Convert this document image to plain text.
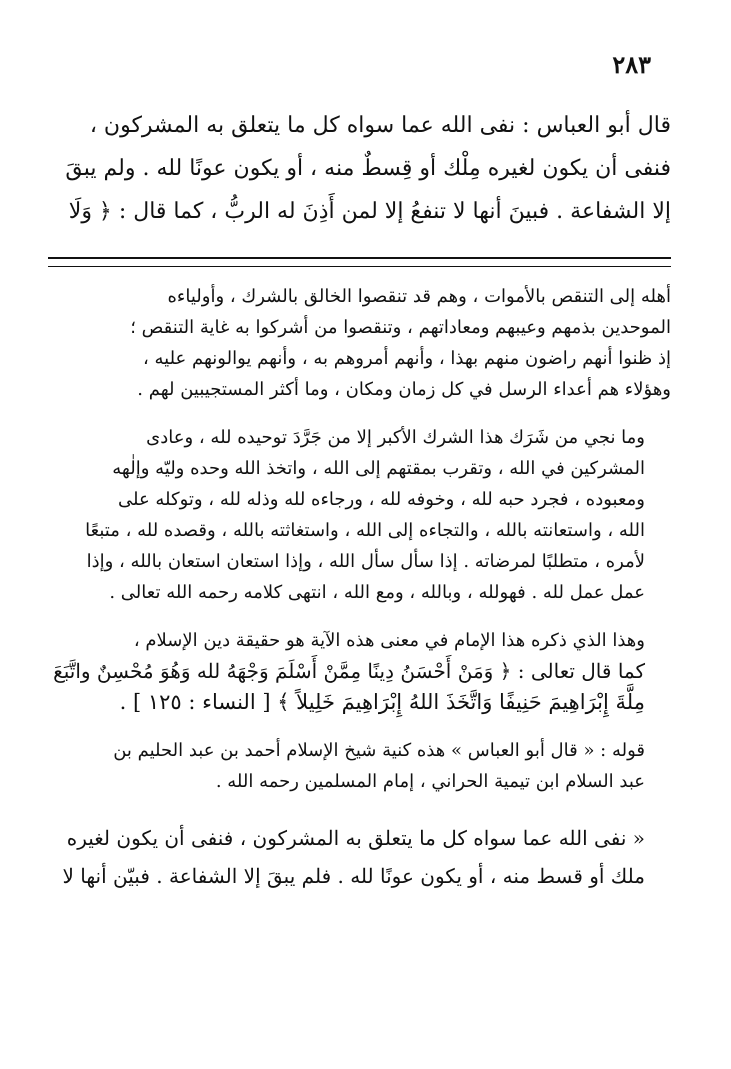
٢٨٣

قال أبو العباس : نفى الله عما سواه كل ما يتعلق به المشركون ،
فنفى أن يكون لغيره مِلْك أو قِسطٌ منه ، أو يكون عونًا لله . ولم يبقَ
إلا الشفاعة . فبينَ أنها لا تنفعُ إلا لمن أَذِنَ له الربُّ ، كما قال : ﴿ وَلَا

أهله إلى التنقص بالأموات ، وهم قد تنقصوا الخالق بالشرك ، وأولياءه
الموحدين بذمهم وعيبهم ومعاداتهم ، وتنقصوا من أشركوا به غاية التنقص ؛
إذ ظنوا أنهم راضون منهم بهذا ، وأنهم أمروهم به ، وأنهم يوالونهم عليه ،
وهؤلاء هم أعداء الرسل في كل زمان ومكان ، وما أكثر المستجيبين لهم .

وما نجي من شَرَك هذا الشرك الأكبر إلا من جَرَّدَ توحيده لله ، وعادى
المشركين في الله ، وتقرب بمقتهم إلى الله ، واتخذ الله وحده وليّه وإلٰهه
ومعبوده ، فجرد حبه لله ، وخوفه لله ، ورجاءه لله وذله لله ، وتوكله على
الله ، واستعانته بالله ، والتجاءه إلى الله ، واستغاثته بالله ، وقصده لله ، متبعًا
لأمره ، متطلبًا لمرضاته . إذا سأل سأل الله ، وإذا استعان استعان بالله ، وإذا
عمل عمل لله . فهولله ، وبالله ، ومع الله ، انتهى كلامه رحمه الله تعالى .

وهذا الذي ذكره هذا الإمام في معنى هذه الآية هو حقيقة دين الإسلام ،
كما قال تعالى : ﴿ وَمَنْ أَحْسَنُ دِينًا مِمَّنْ أَسْلَمَ وَجْهَهُ لله وَهُوَ مُحْسِنٌ واتَّبَعَ
مِلَّةَ إِبْرَاهِيمَ حَنِيفًا وَاتَّخَذَ اللهُ إِبْرَاهِيمَ خَلِيلاً ﴾ [ النساء : ١٢٥ ] .

قوله : « قال أبو العباس » هذه كنية شيخ الإسلام أحمد بن عبد الحليم بن
عبد السلام ابن تيمية الحراني ، إمام المسلمين رحمه الله .

« نفى الله عما سواه كل ما يتعلق به المشركون ، فنفى أن يكون لغيره
ملك أو قسط منه ، أو يكون عونًا لله . فلم يبقَ إلا الشفاعة . فبيّن أنها لا
